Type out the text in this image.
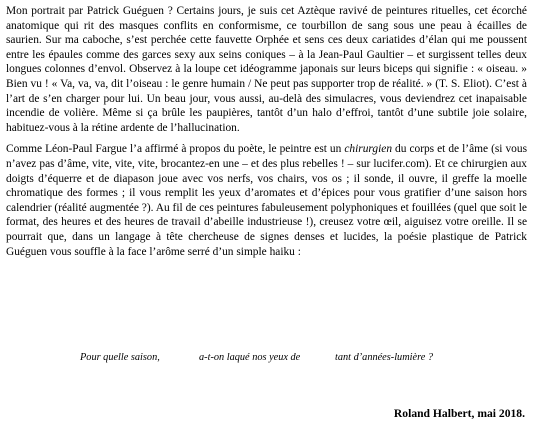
Mon portrait par Patrick Guéguen ? Certains jours, je suis cet Aztèque ravivé de peintures rituelles, cet écorché anatomique qui rit des masques conflits en conformisme, ce tourbillon de sang sous une peau à écailles de saurien. Sur ma caboche, s’est perchée cette fauvette Orphée et sens ces deux cariatides d’élan qui me poussent entre les épaules comme des garces sexy aux seins coniques – à la Jean-Paul Gaultier – et surgissent telles deux longues colonnes d’envol. Observez à la loupe cet idéogramme japonais sur leurs biceps qui signifie : « oiseau. » Bien vu ! « Va, va, va, dit l’oiseau : le genre humain / Ne peut pas supporter trop de réalité. » (T. S. Eliot). C’est à l’art de s’en charger pour lui. Un beau jour, vous aussi, au-delà des simulacres, vous deviendrez cet inapaisable incendie de volière. Même si ça brûle les paupières, tantôt d’un halo d’effroi, tantôt d’une subtile joie solaire, habituez-vous à la rétine ardente de l’hallucination.

Comme Léon-Paul Fargue l’a affirmé à propos du poète, le peintre est un chirurgien du corps et de l’âme (si vous n’avez pas d’âme, vite, vite, vite, brocantez-en une – et des plus rebelles ! – sur lucifer.com). Et ce chirurgien aux doigts d’équerre et de diapason joue avec vos nerfs, vos chairs, vos os ; il sonde, il ouvre, il greffe la moelle chromatique des formes ; il vous remplit les yeux d’aromates et d’épices pour vous gratifier d’une saison hors calendrier (réalité augmentée ?). Au fil de ces peintures fabuleusement polyphoniques et fouillées (quel que soit le format, des heures et des heures de travail d’abeille industrieuse !), creusez votre œil, aiguisez votre oreille. Il se pourrait que, dans un langage à tête chercheuse de signes denses et lucides, la poésie plastique de Patrick Guéguen vous souffle à la face l’arôme serré d’un simple haiku :

Pour quelle saison,	a-t-on laqué nos yeux de	tant d’années-lumière ?
Roland Halbert, mai 2018.
